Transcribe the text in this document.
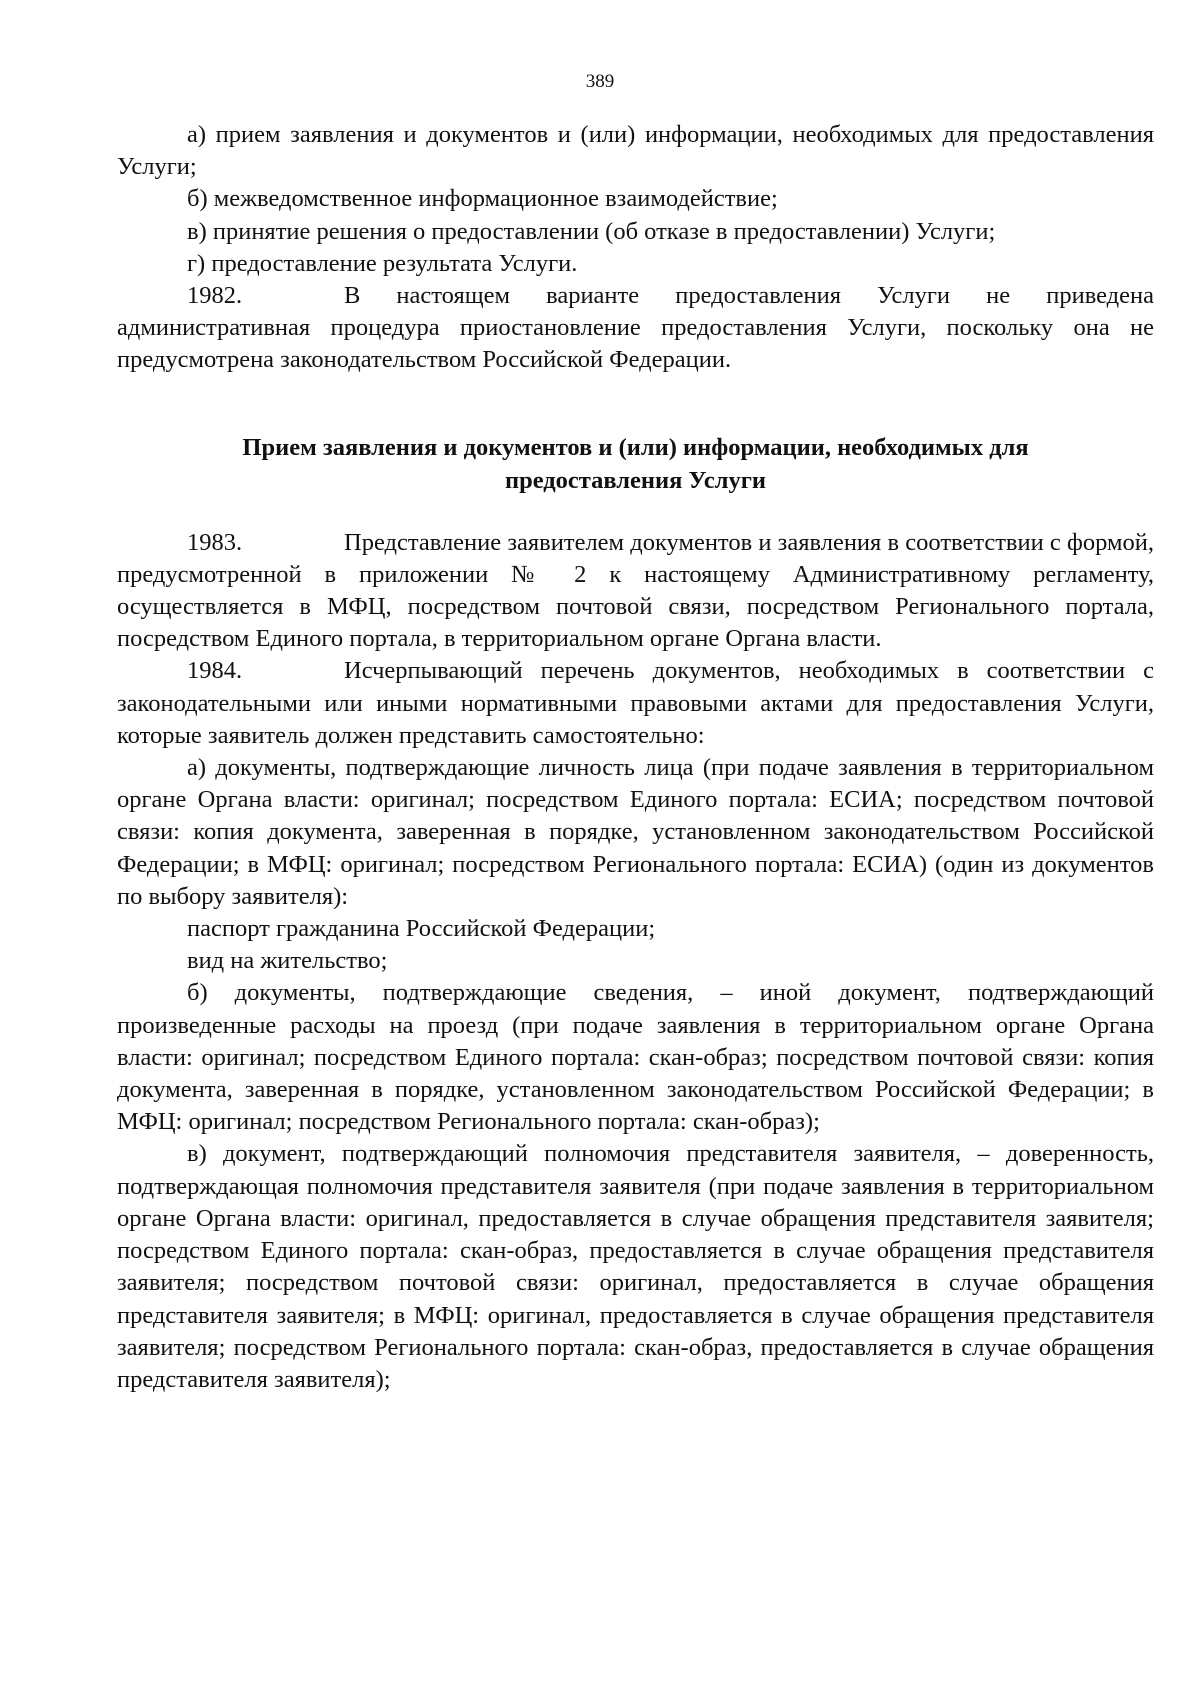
389

а) прием заявления и документов и (или) информации, необходимых для предоставления Услуги;

б) межведомственное информационное взаимодействие;

в) принятие решения о предоставлении (об отказе в предоставлении) Услуги;

г) предоставление результата Услуги.

1982.	В настоящем варианте предоставления Услуги не приведена административная процедура приостановление предоставления Услуги, поскольку она не предусмотрена законодательством Российской Федерации.

Прием заявления и документов и (или) информации, необходимых для
предоставления Услуги

1983.	Представление заявителем документов и заявления в соответствии с формой, предусмотренной в приложении № 2 к настоящему Административному регламенту, осуществляется в МФЦ, посредством почтовой связи, посредством Регионального портала, посредством Единого портала, в территориальном органе Органа власти.

1984.	Исчерпывающий перечень документов, необходимых в соответствии с законодательными или иными нормативными правовыми актами для предоставления Услуги, которые заявитель должен представить самостоятельно:

а) документы, подтверждающие личность лица (при подаче заявления в территориальном органе Органа власти: оригинал; посредством Единого портала: ЕСИА; посредством почтовой связи: копия документа, заверенная в порядке, установленном законодательством Российской Федерации; в МФЦ: оригинал; посредством Регионального портала: ЕСИА) (один из документов по выбору заявителя):

паспорт гражданина Российской Федерации;

вид на жительство;

б) документы, подтверждающие сведения, – иной документ, подтверждающий произведенные расходы на проезд (при подаче заявления в территориальном органе Органа власти: оригинал; посредством Единого портала: скан-образ; посредством почтовой связи: копия документа, заверенная в порядке, установленном законодательством Российской Федерации; в МФЦ: оригинал; посредством Регионального портала: скан-образ);

в) документ, подтверждающий полномочия представителя заявителя, – доверенность, подтверждающая полномочия представителя заявителя (при подаче заявления в территориальном органе Органа власти: оригинал, предоставляется в случае обращения представителя заявителя; посредством Единого портала: скан-образ, предоставляется в случае обращения представителя заявителя; посредством почтовой связи: оригинал, предоставляется в случае обращения представителя заявителя; в МФЦ: оригинал, предоставляется в случае обращения представителя заявителя; посредством Регионального портала: скан-образ, предоставляется в случае обращения представителя заявителя);
